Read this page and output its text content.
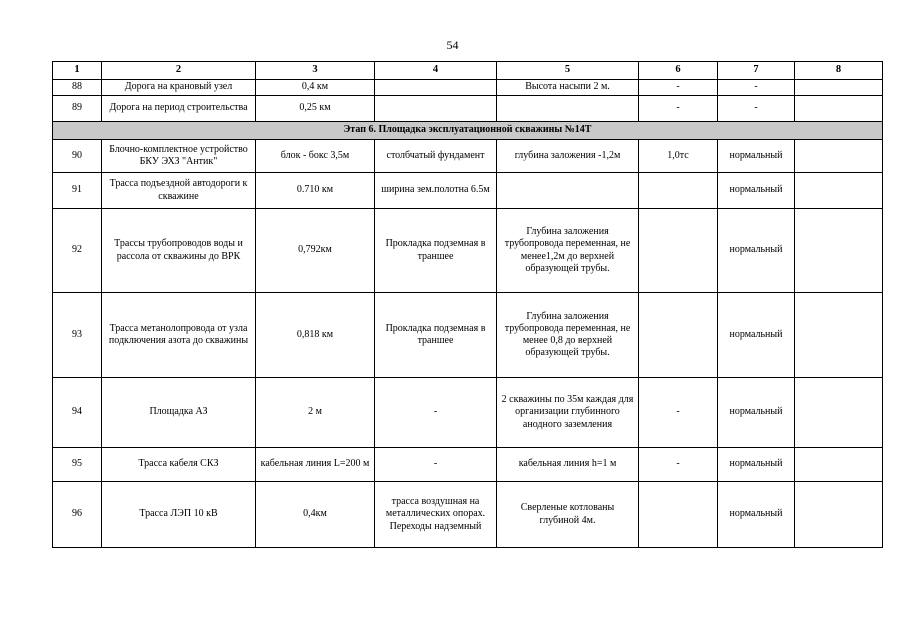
54
1	2	3	4	5	6	7	8
88	Дорога на крановый узел	0,4 км		Высота насыпи 2 м.	-	-	
89	Дорога на период строительства	0,25 км			-	-	
Этап 6. Площадка эксплуатационной скважины №14Т							
90	Блочно-комплектное устройство БКУ ЭХЗ "Антик"	блок - бокс 3,5м	столбчатый фундамент	глубина заложения -1,2м	1,0тс	нормальный	
91	Трасса подъездной автодороги к скважине	0.710 км	ширина зем.полотна 6.5м			нормальный	
92	Трассы трубопроводов воды и рассола от скважины до ВРК	0,792км	Прокладка подземная в траншее	Глубина заложения трубопровода переменная, не менее1,2м до верхней образующей трубы.		нормальный	
93	Трасса метанолопровода от узла подключения азота до скважины	0,818 км	Прокладка подземная в траншее	Глубина заложения трубопровода переменная, не менее 0,8 до верхней образующей трубы.		нормальный	
94	Площадка АЗ	2 м	-	2 скважины по 35м каждая для организации глубинного анодного заземления	-	нормальный	
95	Трасса кабеля СКЗ	кабельная линия L=200 м	-	кабельная линия h=1 м	-	нормальный	
96	Трасса ЛЭП 10 кВ	0,4км	трасса воздушная на металлических опорах. Переходы надземный	Сверленые котлованы глубиной 4м.		нормальный	
